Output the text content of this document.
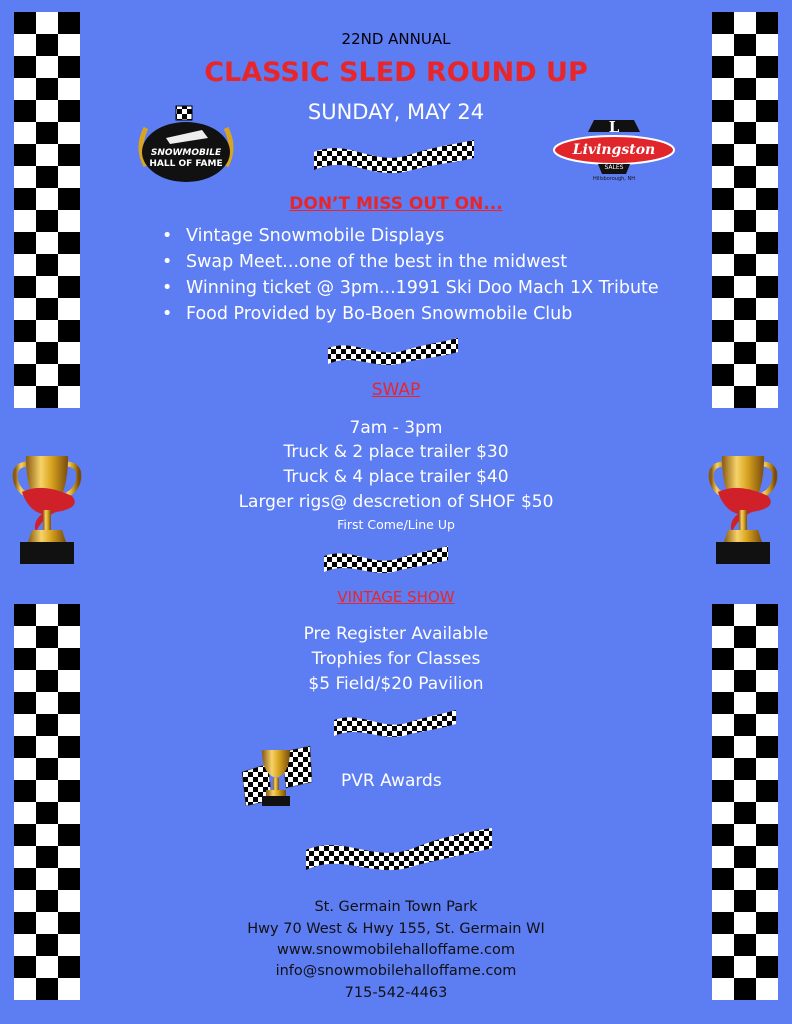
22ND ANNUAL
CLASSIC SLED ROUND UP
SUNDAY, MAY 24
SNOWMOBILE
HALL OF FAME
L
Livingston
SALES
Hillsborough, NH
DON’T MISS OUT ON...
• Vintage Snowmobile Displays
• Swap Meet...one of the best in the midwest
• Winning ticket @ 3pm...1991 Ski Doo Mach 1X Tribute
• Food Provided by Bo-Boen Snowmobile Club
SWAP
7am - 3pm
Truck & 2 place trailer $30
Truck & 4 place trailer $40
Larger rigs@ descretion of SHOF $50
First Come/Line Up
VINTAGE SHOW
Pre Register Available
Trophies for Classes
$5 Field/$20 Pavilion
PVR Awards
St. Germain Town Park
Hwy 70 West & Hwy 155, St. Germain WI
www.snowmobilehalloffame.com
info@snowmobilehalloffame.com
715-542-4463
